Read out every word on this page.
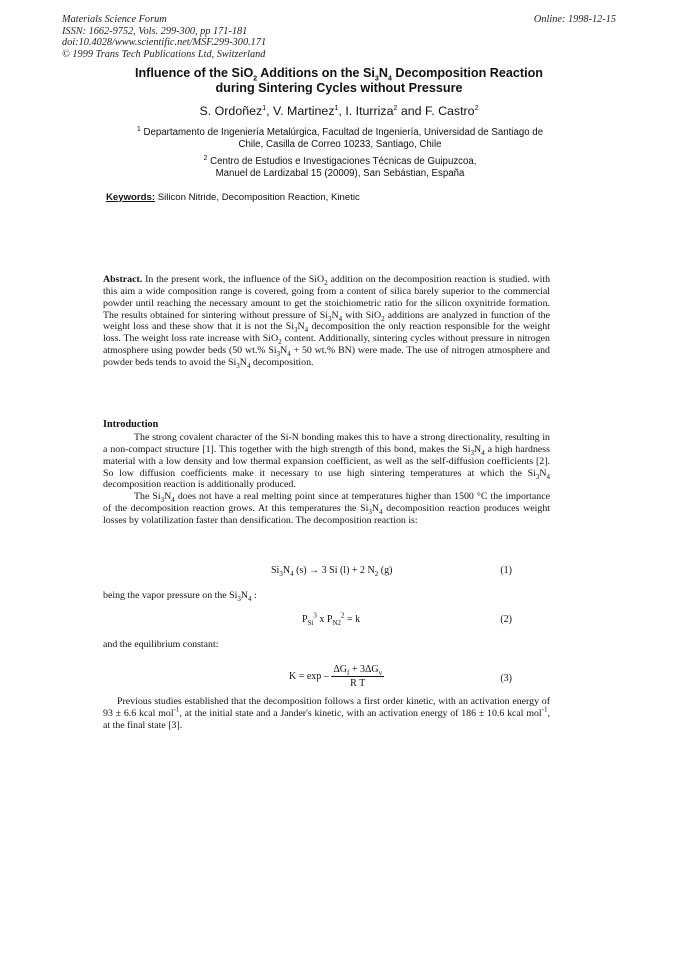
Materials Science Forum
ISSN: 1662-9752, Vols. 299-300, pp 171-181
doi:10.4028/www.scientific.net/MSF.299-300.171
© 1999 Trans Tech Publications Ltd, Switzerland
Online: 1998-12-15
Influence of the SiO$_2$ Additions on the $Si_3N_4$ Decomposition Reaction
during Sintering Cycles without Pressure
S. Ordoñez$^1$, V. Martinez$^1$, I. Iturriza$^2$ and F. Castro$^2$
$^1$ Departamento de Ingeniería Metalúrgica, Facultad de Ingeniería, Universidad de Santiago de
Chile, Casilla de Correo 10233, Santiago, Chile
$^2$ Centro de Estudios e Investigaciones Técnicas de Guipuzcoa,
Manuel de Lardizabal 15 (20009), San Sebástian, España
Keywords: Silicon Nitride, Decomposition Reaction, Kinetic
Abstract. In the present work, the influence of the SiO$_2$ addition on the decomposition reaction is studied. with this aim a wide composition range is covered, going from a content of silica barely superior to the commercial powder until reaching the necessary amount to get the stoichiometric ratio for the silicon oxynitride formation. The results obtained for sintering without pressure of $Si_3N_4$ with SiO$_2$ additions are analyzed in function of the weight loss and these show that it is not the $Si_3N_4$ decomposition the only reaction responsible for the weight loss. The weight loss rate increase with SiO$_2$ content. Additionally, sintering cycles without pressure in nitrogen atmosphere using powder beds (50 wt.% $Si_3N_4 + 50$ wt.% BN) were made. The use of nitrogen atmosphere and powder beds tends to avoid the $Si_3N_4$ decomposition.
Introduction
The strong covalent character of the Si-N bonding makes this to have a strong directionality, resulting in a non-compact structure [1]. This together with the high strength of this bond, makes the $Si_3N_4$ a high hardness material with a low density and low thermal expansion coefficient, as well as the self-diffusion coefficients [2]. So low diffusion coefficients make it necessary to use high sintering temperatures at which the $Si_3N_4$ decomposition reaction is additionally produced.
The $Si_3N_4$ does not have a real melting point since at temperatures higher than 1500 °C the importance of the decomposition reaction grows. At this temperatures the $Si_3N_4$ decomposition reaction produces weight losses by volatilization faster than densification. The decomposition reaction is:
$Si_3N_4$ (s) → 3 Si (l) + 2 $N_2$ (g)	(1)
being the vapor pressure on the $Si_3N_4$ :
$P_{Si}^3$ x $P_{N2}^2 = k$	(2)
and the equilibrium constant:
$K = \exp - \frac{\Delta G_f + 3\Delta G_v}{\text{R T}}$	(3)
Previous studies established that the decomposition follows a first order kinetic, with an activation energy of 93 ± 6.6 kcal mol$^{-1}$, at the initial state and a Jander's kinetic, with an activation energy of 186 ± 10.6 kcal mol$^{-1}$, at the final state [3].
